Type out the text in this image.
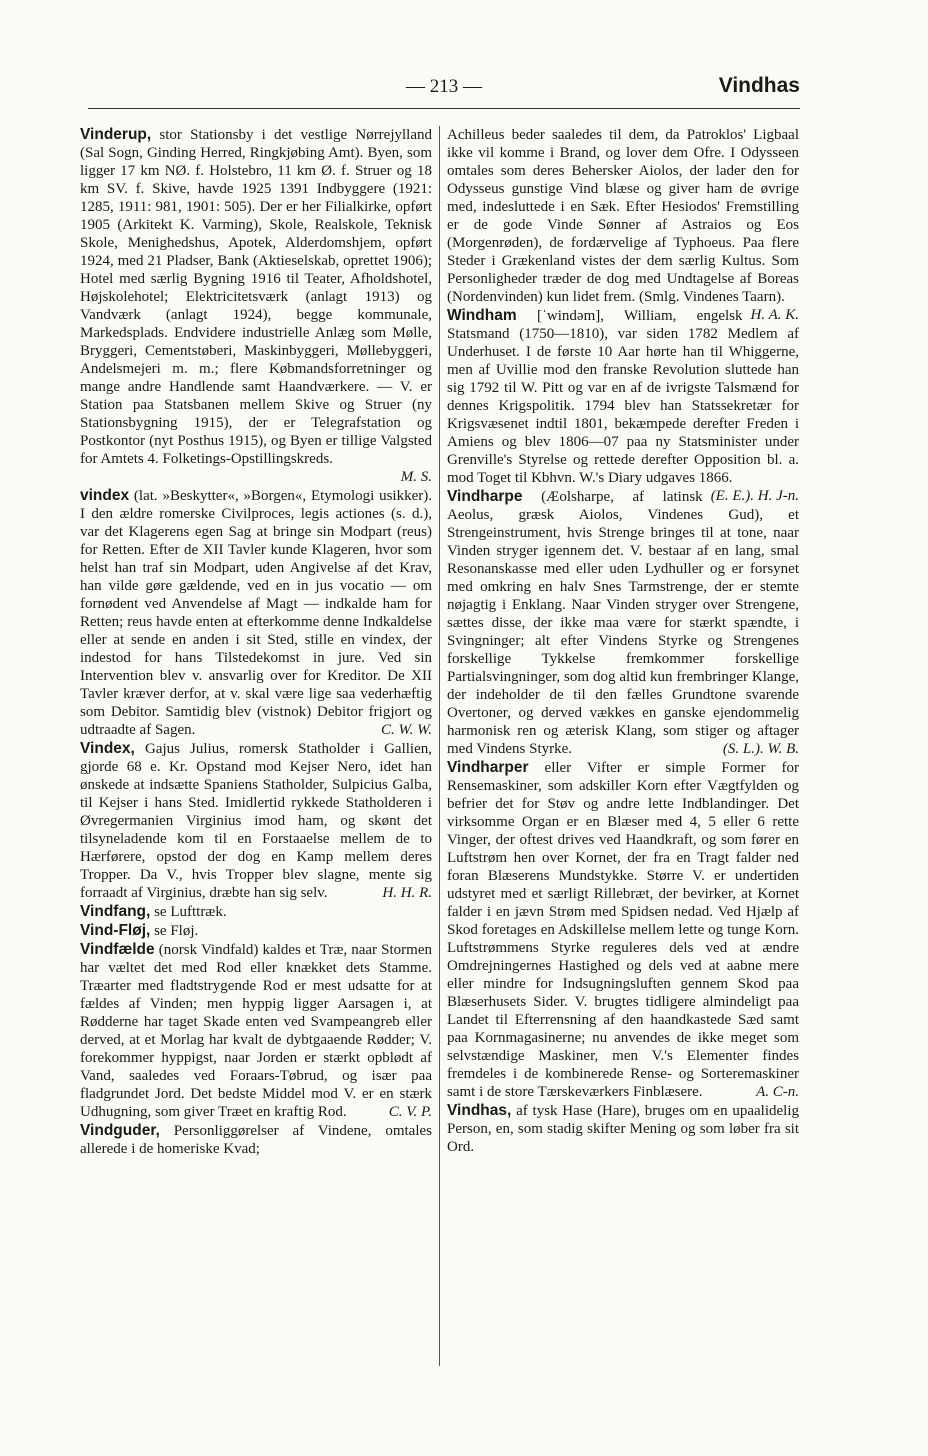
— 213 —	Vindhas

Vinderup, stor Stationsby i det vestlige Nørrejylland (Sal Sogn, Ginding Herred, Ringkjøbing Amt). Byen, som ligger 17 km NØ. f. Holstebro, 11 km Ø. f. Struer og 18 km SV. f. Skive, havde 1925 1391 Indbyggere (1921: 1285, 1911: 981, 1901: 505). Der er her Filialkirke, opført 1905 (Arkitekt K. Varming), Skole, Realskole, Teknisk Skole, Menighedshus, Apotek, Alderdomshjem, opført 1924, med 21 Pladser, Bank (Aktieselskab, oprettet 1906); Hotel med særlig Bygning 1916 til Teater, Afholdshotel, Højskolehotel; Elektricitetsværk (anlagt 1913) og Vandværk (anlagt 1924), begge kommunale, Markedsplads. Endvidere industrielle Anlæg som Mølle, Bryggeri, Cementstøberi, Maskinbyggeri, Møllebyggeri, Andelsmejeri m. m.; flere Købmandsforretninger og mange andre Handlende samt Haandværkere. — V. er Station paa Statsbanen mellem Skive og Struer (ny Stationsbygning 1915), der er Telegrafstation og Postkontor (nyt Posthus 1915), og Byen er tillige Valgsted for Amtets 4. Folketings-Opstillingskreds.
M. S.

vindex (lat. »Beskytter«, »Borgen«, Etymologi usikker). I den ældre romerske Civilproces, legis actiones (s. d.), var det Klagerens egen Sag at bringe sin Modpart (reus) for Retten. Efter de XII Tavler kunde Klageren, hvor som helst han traf sin Modpart, uden Angivelse af det Krav, han vilde gøre gældende, ved en in jus vocatio — om fornødent ved Anvendelse af Magt — indkalde ham for Retten; reus havde enten at efterkomme denne Indkaldelse eller at sende en anden i sit Sted, stille en vindex, der indestod for hans Tilstedekomst in jure. Ved sin Intervention blev v. ansvarlig over for Kreditor. De XII Tavler kræver derfor, at v. skal være lige saa vederhæftig som Debitor. Samtidig blev (vistnok) Debitor frigjort og udtraadte af Sagen.	C. W. W.

Vindex, Gajus Julius, romersk Statholder i Gallien, gjorde 68 e. Kr. Opstand mod Kejser Nero, idet han ønskede at indsætte Spaniens Statholder, Sulpicius Galba, til Kejser i hans Sted. Imidlertid rykkede Statholderen i Øvregermanien Virginius imod ham, og skønt det tilsyneladende kom til en Forstaaelse mellem de to Hærførere, opstod der dog en Kamp mellem deres Tropper. Da V., hvis Tropper blev slagne, mente sig forraadt af Virginius, dræbte han sig selv.	H. H. R.

Vindfang, se Lufttræk.

Vind-Fløj, se Fløj.

Vindfælde (norsk Vindfald) kaldes et Træ, naar Stormen har væltet det med Rod eller knækket dets Stamme. Træarter med fladtstrygende Rod er mest udsatte for at fældes af Vinden; men hyppig ligger Aarsagen i, at Rødderne har taget Skade enten ved Svampeangreb eller derved, at et Morlag har kvalt de dybtgaaende Rødder; V. forekommer hyppigst, naar Jorden er stærkt opblødt af Vand, saaledes ved Foraars-Tøbrud, og især paa fladgrundet Jord. Det bedste Middel mod V. er en stærk Udhugning, som giver Træet en kraftig Rod.	C. V. P.

Vindguder, Personliggørelser af Vindene, omtales allerede i de homeriske Kvad;

Achilleus beder saaledes til dem, da Patroklos' Ligbaal ikke vil komme i Brand, og lover dem Ofre. I Odysseen omtales som deres Behersker Aiolos, der lader den for Odysseus gunstige Vind blæse og giver ham de øvrige med, indesluttede i en Sæk. Efter Hesiodos' Fremstilling er de gode Vinde Sønner af Astraios og Eos (Morgenrøden), de fordærvelige af Typhoeus. Paa flere Steder i Grækenland vistes der dem særlig Kultus. Som Personligheder træder de dog med Undtagelse af Boreas (Nordenvinden) kun lidet frem. (Smlg. Vindenes Taarn).
H. A. K.

Windham [ˈwindəm], William, engelsk Statsmand (1750—1810), var siden 1782 Medlem af Underhuset. I de første 10 Aar hørte han til Whiggerne, men af Uvillie mod den franske Revolution sluttede han sig 1792 til W. Pitt og var en af de ivrigste Talsmænd for dennes Krigspolitik. 1794 blev han Statssekretær for Krigsvæsenet indtil 1801, bekæmpede derefter Freden i Amiens og blev 1806—07 paa ny Statsminister under Grenville's Styrelse og rettede derefter Opposition bl. a. mod Toget til Kbhvn. W.'s Diary udgaves 1866.
(E. E.). H. J-n.

Vindharpe (Æolsharpe, af latinsk Aeolus, græsk Aiolos, Vindenes Gud), et Strengeinstrument, hvis Strenge bringes til at tone, naar Vinden stryger igennem det. V. bestaar af en lang, smal Resonanskasse med eller uden Lydhuller og er forsynet med omkring en halv Snes Tarmstrenge, der er stemte nøjagtig i Enklang. Naar Vinden stryger over Strengene, sættes disse, der ikke maa være for stærkt spændte, i Svingninger; alt efter Vindens Styrke og Strengenes forskellige Tykkelse fremkommer forskellige Partialsvingninger, som dog altid kun frembringer Klange, der indeholder de til den fælles Grundtone svarende Overtoner, og derved vækkes en ganske ejendommelig harmonisk ren og æterisk Klang, som stiger og aftager med Vindens Styrke.	(S. L.). W. B.

Vindharper eller Vifter er simple Former for Rensemaskiner, som adskiller Korn efter Vægtfylden og befrier det for Støv og andre lette Indblandinger. Det virksomme Organ er en Blæser med 4, 5 eller 6 rette Vinger, der oftest drives ved Haandkraft, og som fører en Luftstrøm hen over Kornet, der fra en Tragt falder ned foran Blæserens Mundstykke. Større V. er undertiden udstyret med et særligt Rillebræt, der bevirker, at Kornet falder i en jævn Strøm med Spidsen nedad. Ved Hjælp af Skod foretages en Adskillelse mellem lette og tunge Korn. Luftstrømmens Styrke reguleres dels ved at ændre Omdrejningernes Hastighed og dels ved at aabne mere eller mindre for Indsugningsluften gennem Skod paa Blæserhusets Sider. V. brugtes tidligere almindeligt paa Landet til Efterrensning af den haandkastede Sæd samt paa Kornmagasinerne; nu anvendes de ikke meget som selvstændige Maskiner, men V.'s Elementer findes fremdeles i de kombinerede Rense- og Sorteremaskiner samt i de store Tærskeværkers Finblæsere.	A. C-n.

Vindhas, af tysk Hase (Hare), bruges om en upaalidelig Person, en, som stadig skifter Mening og som løber fra sit Ord.
